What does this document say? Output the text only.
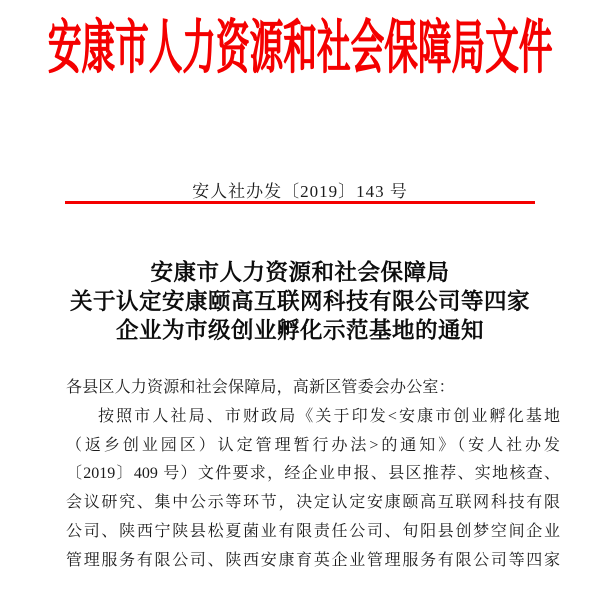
安康市人力资源和社会保障局文件
安人社办发〔2019〕143 号
安康市人力资源和社会保障局
关于认定安康颐高互联网科技有限公司等四家
企业为市级创业孵化示范基地的通知
各县区人力资源和社会保障局，高新区管委会办公室：
按照市人社局、市财政局《关于印发<安康市创业孵化基地
（返乡创业园区）认定管理暂行办法>的通知》（安人社办发
〔2019〕409 号）文件要求，经企业申报、县区推荐、实地核查、
会议研究、集中公示等环节，决定认定安康颐高互联网科技有限
公司、陕西宁陕县松夏菌业有限责任公司、旬阳县创梦空间企业
管理服务有限公司、陕西安康育英企业管理服务有限公司等四家
